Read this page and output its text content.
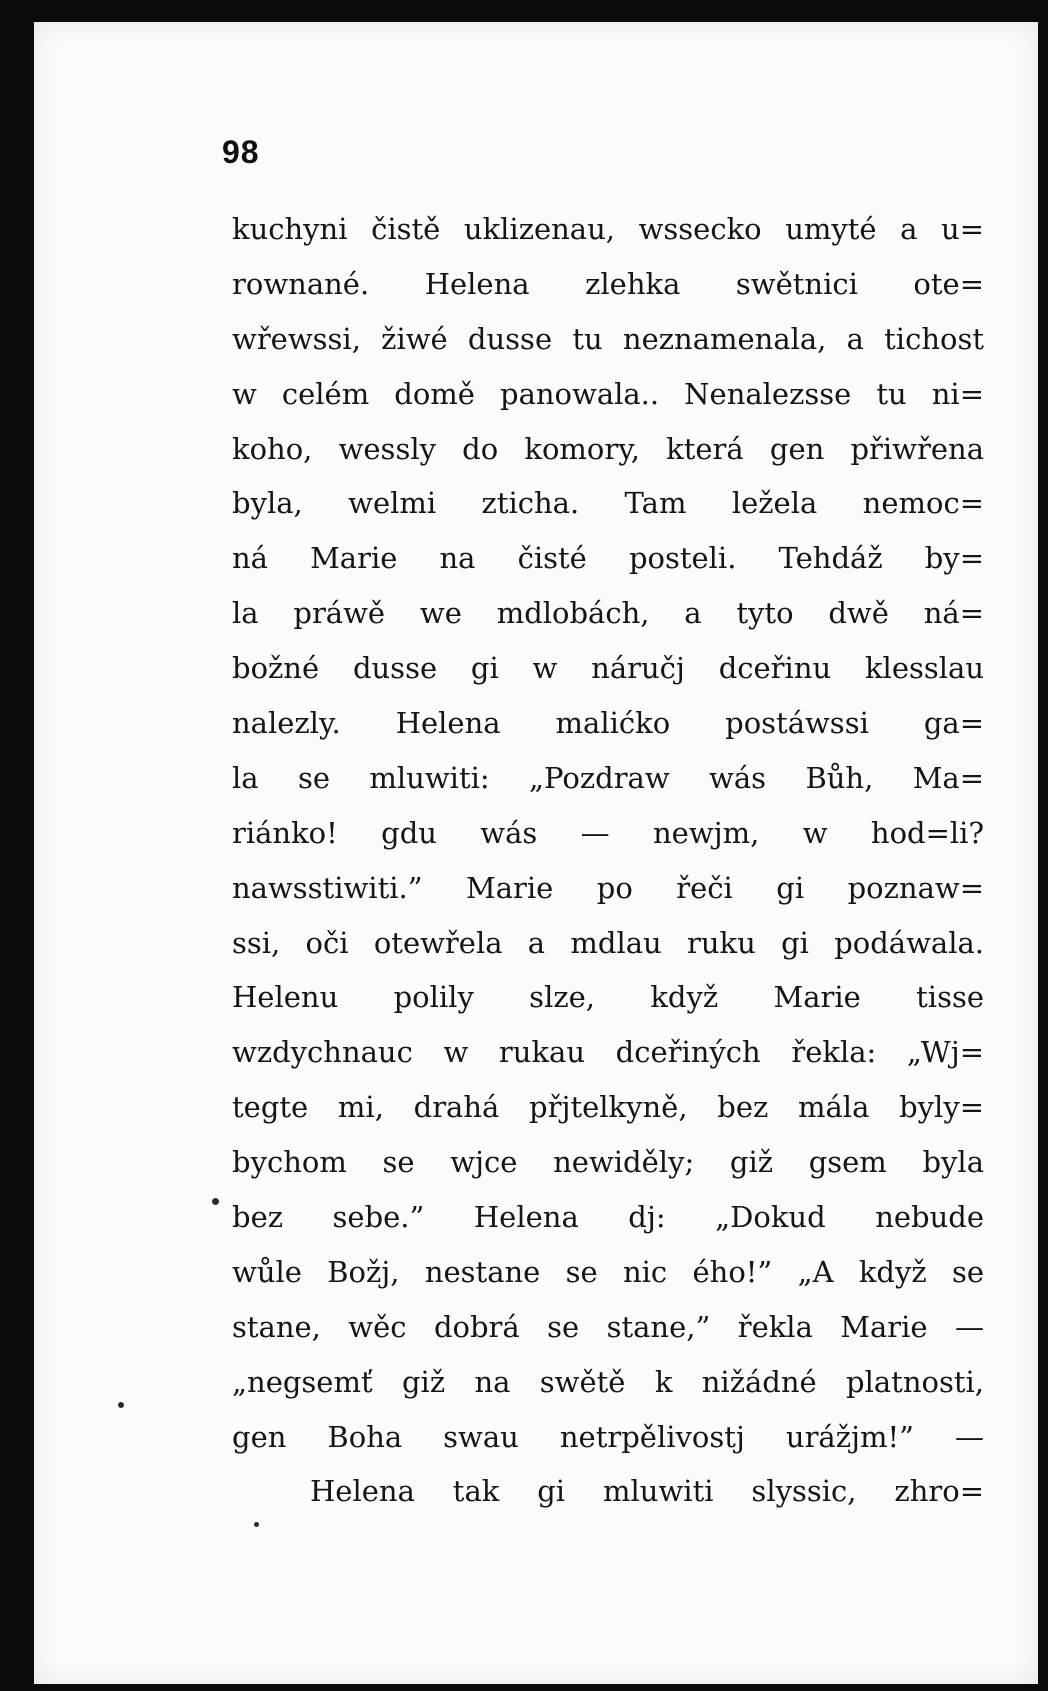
98
kuchyni čistě uklizenau, wssecko umyté a u=
rownané. Helena zlehka swětnici ote=
wřewssi, žiwé dusse tu neznamenala, a tichost
w celém domě panowala.. Nenalezsse tu ni=
koho, wessly do komory, která gen přiwřena
byla, welmi zticha. Tam ležela nemoc=
ná Marie na čisté posteli. Tehdáž by=
la práwě we mdlobách, a tyto dwě ná=
božné dusse gi w náručj dceřinu klesslau
nalezly. Helena malićko postáwssi ga=
la se mluwiti: „Pozdraw wás Bůh, Ma=
riánko! gdu wás — newjm, w hod=li?
nawsstiwiti.” Marie po řeči gi poznaw=
ssi, oči otewřela a mdlau ruku gi podáwala.
Helenu polily slze, když Marie tisse
wzdychnauc w rukau dceřiných řekla: „Wj=
tegte mi, drahá přjtelkyně, bez mála byly=
bychom se wjce newiděly; giž gsem byla
bez sebe.” Helena dj: „Dokud nebude
wůle Božj, nestane se nic ého!” „A když se
stane, wěc dobrá se stane,” řekla Marie —
„negsemť giž na swětě k nižádné platnosti,
gen Boha swau netrpělivostj urážjm!” —
Helena tak gi mluwiti slyssic, zhro=
